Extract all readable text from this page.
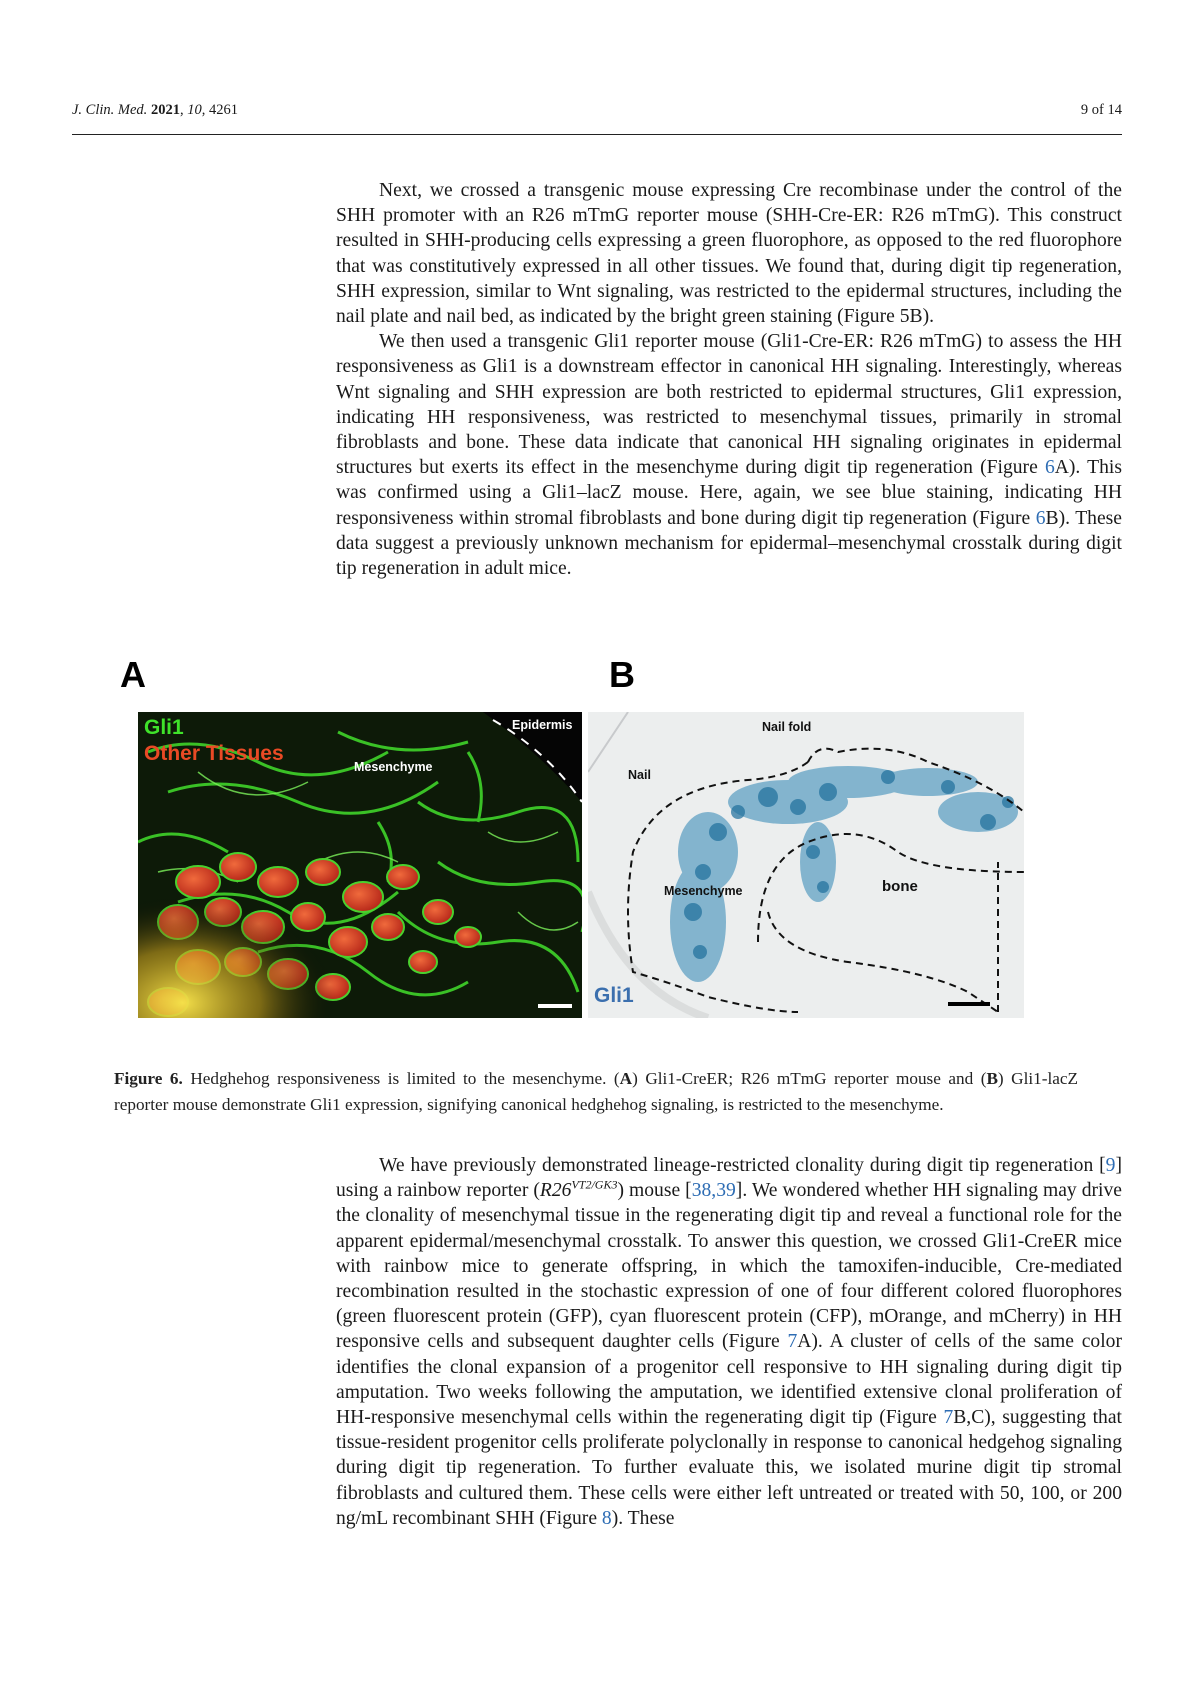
J. Clin. Med. 2021, 10, 4261	9 of 14

Next, we crossed a transgenic mouse expressing Cre recombinase under the control of the SHH promoter with an R26 mTmG reporter mouse (SHH-Cre-ER: R26 mTmG). This construct resulted in SHH-producing cells expressing a green fluorophore, as opposed to the red fluorophore that was constitutively expressed in all other tissues. We found that, during digit tip regeneration, SHH expression, similar to Wnt signaling, was restricted to the epidermal structures, including the nail plate and nail bed, as indicated by the bright green staining (Figure 5B).

We then used a transgenic Gli1 reporter mouse (Gli1-Cre-ER: R26 mTmG) to assess the HH responsiveness as Gli1 is a downstream effector in canonical HH signaling. Interestingly, whereas Wnt signaling and SHH expression are both restricted to epidermal structures, Gli1 expression, indicating HH responsiveness, was restricted to mesenchymal tissues, primarily in stromal fibroblasts and bone. These data indicate that canonical HH signaling originates in epidermal structures but exerts its effect in the mesenchyme during digit tip regeneration (Figure 6A). This was confirmed using a Gli1–lacZ mouse. Here, again, we see blue staining, indicating HH responsiveness within stromal fibroblasts and bone during digit tip regeneration (Figure 6B). These data suggest a previously unknown mechanism for epidermal–mesenchymal crosstalk during digit tip regeneration in adult mice.

A	B
Gli1
Other Tissues
Mesenchyme
Epidermis	Nail fold
Nail
Mesenchyme	bone
Gli1
Figure 6. Hedghehog responsiveness is limited to the mesenchyme. (A) Gli1-CreER; R26 mTmG reporter mouse and (B) Gli1-lacZ reporter mouse demonstrate Gli1 expression, signifying canonical hedghehog signaling, is restricted to the mesenchyme.

We have previously demonstrated lineage-restricted clonality during digit tip regeneration [9] using a rainbow reporter $(R26^{VT2/GK3})$ mouse [38,39]. We wondered whether HH signaling may drive the clonality of mesenchymal tissue in the regenerating digit tip and reveal a functional role for the apparent epidermal/mesenchymal crosstalk. To answer this question, we crossed Gli1-CreER mice with rainbow mice to generate offspring, in which the tamoxifen-inducible, Cre-mediated recombination resulted in the stochastic expression of one of four different colored fluorophores (green fluorescent protein (GFP), cyan fluorescent protein (CFP), mOrange, and mCherry) in HH responsive cells and subsequent daughter cells (Figure 7A). A cluster of cells of the same color identifies the clonal expansion of a progenitor cell responsive to HH signaling during digit tip amputation. Two weeks following the amputation, we identified extensive clonal proliferation of HH-responsive mesenchymal cells within the regenerating digit tip (Figure 7B,C), suggesting that tissue-resident progenitor cells proliferate polyclonally in response to canonical hedgehog signaling during digit tip regeneration. To further evaluate this, we isolated murine digit tip stromal fibroblasts and cultured them. These cells were either left untreated or treated with 50, 100, or 200 ng/mL recombinant SHH (Figure 8). These
